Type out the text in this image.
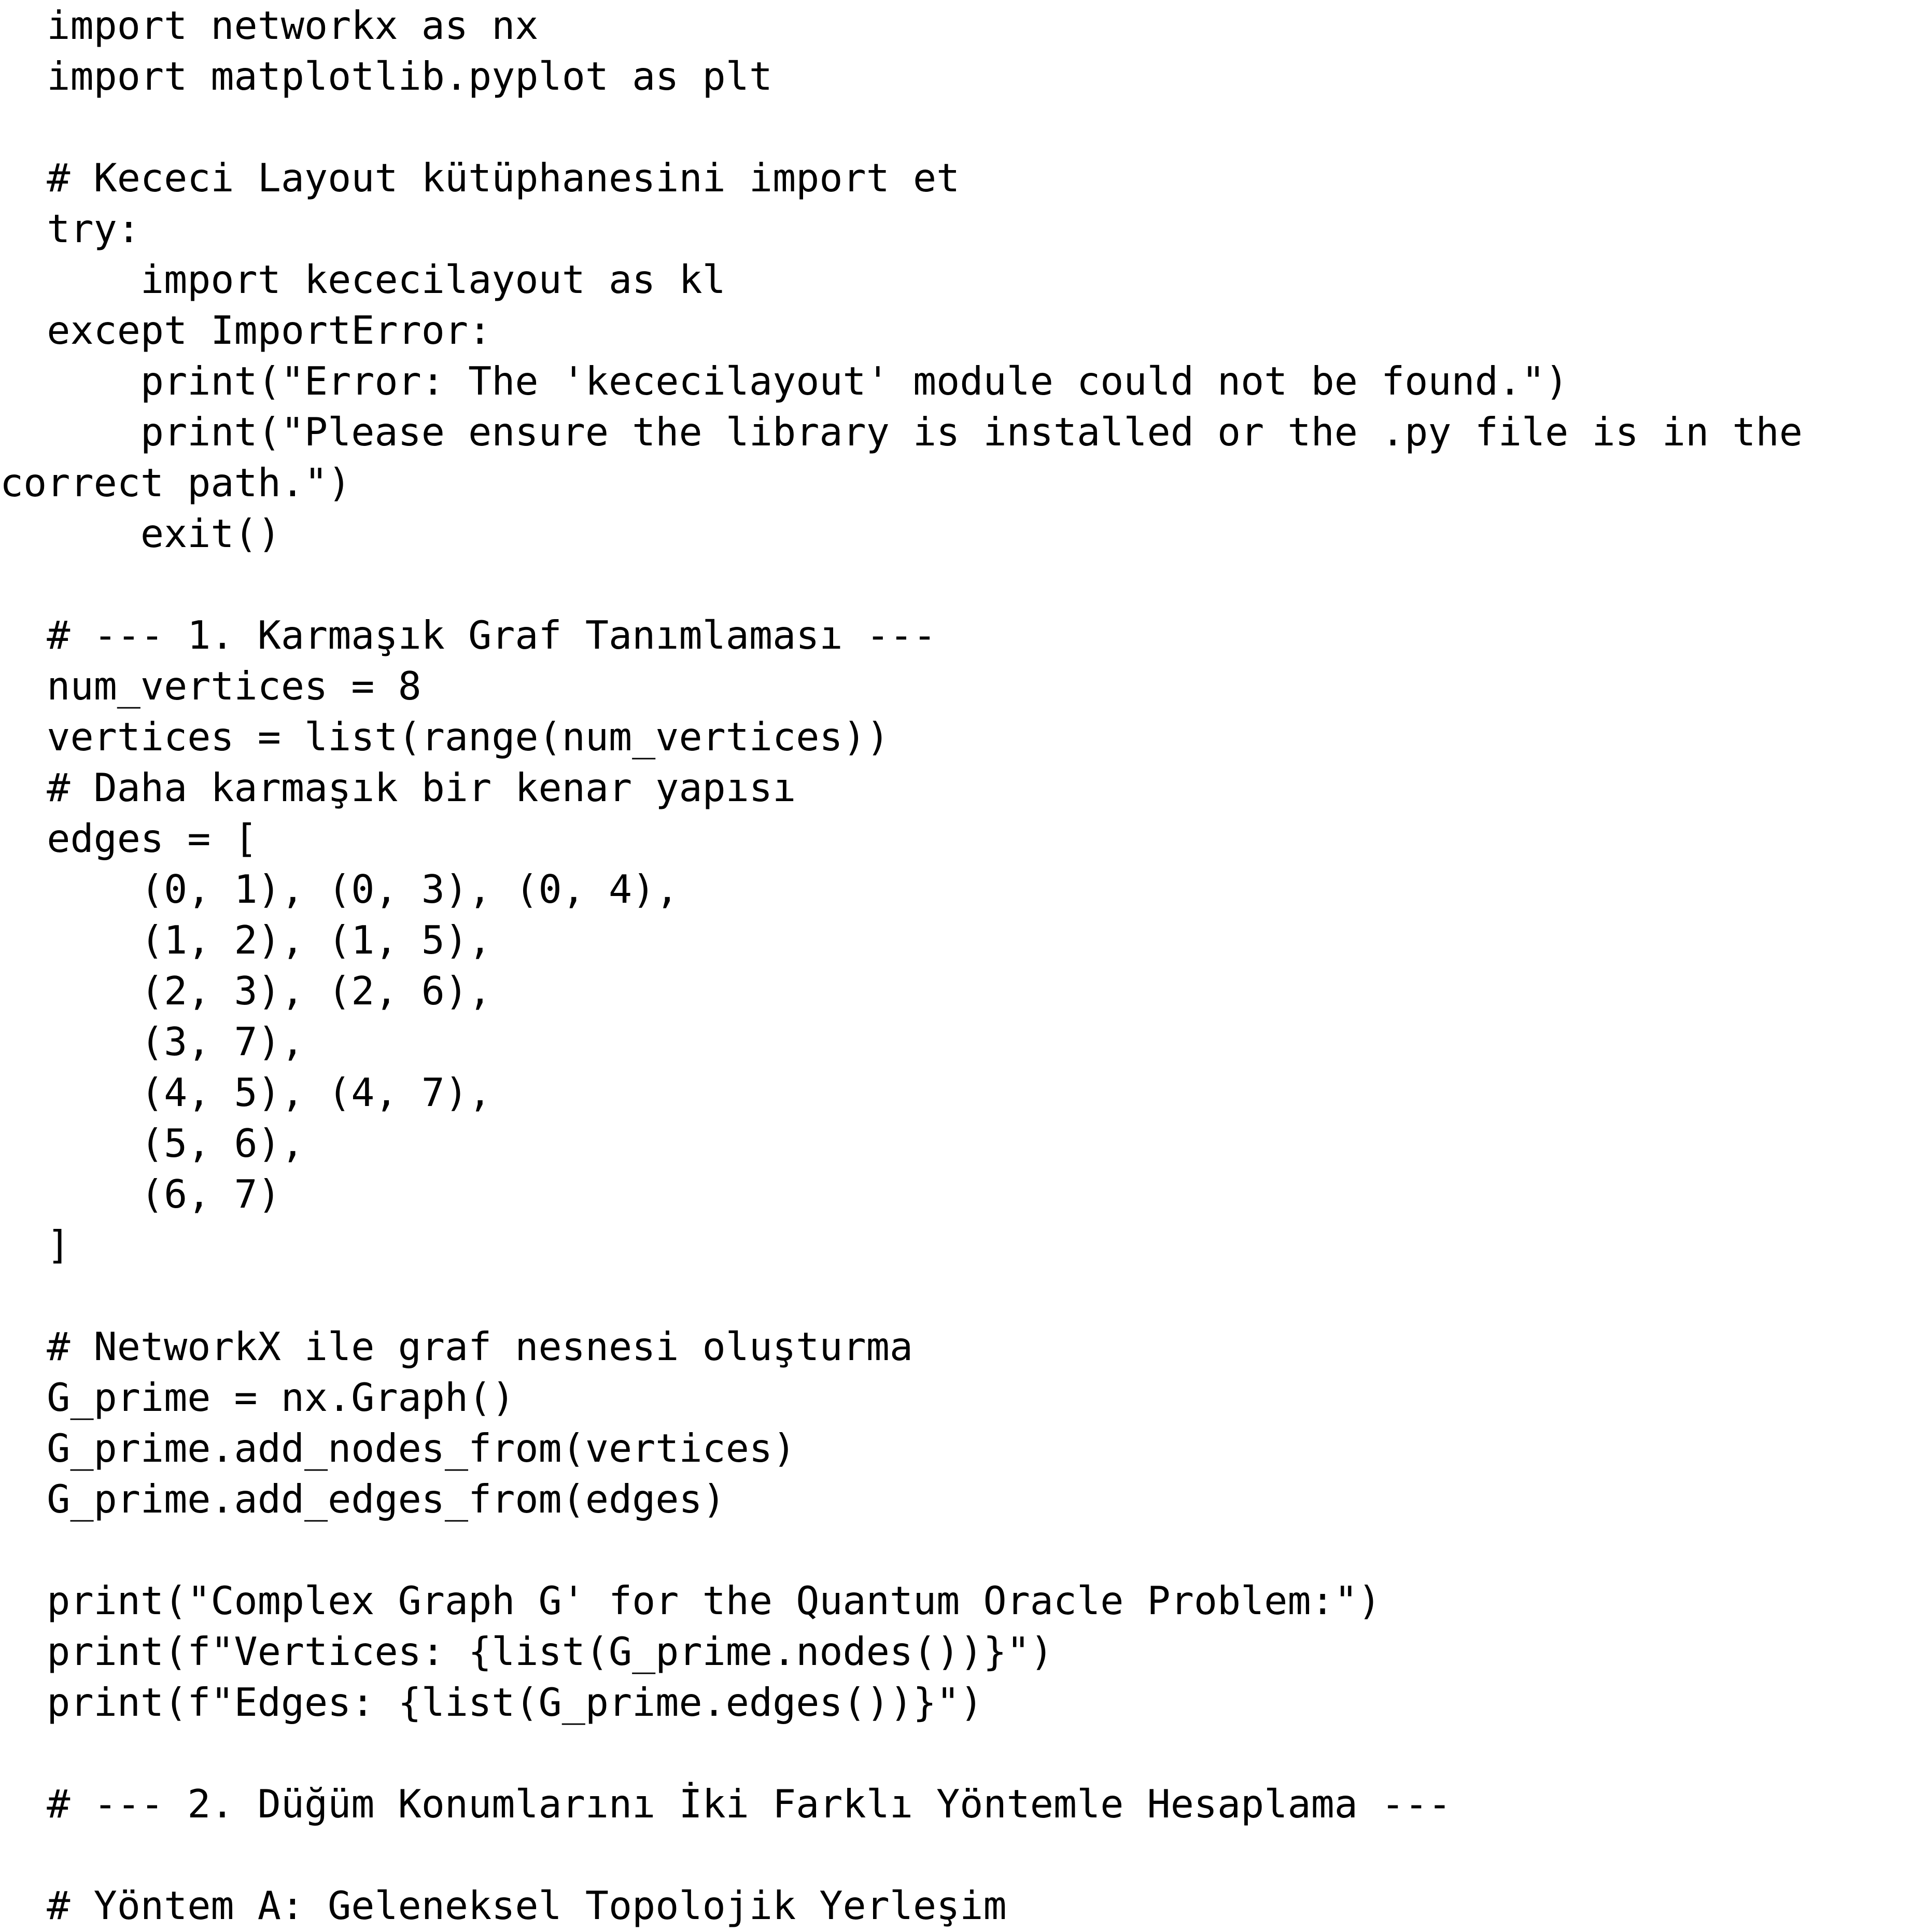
import networkx as nx
import matplotlib.pyplot as plt
# Kececi Layout kütüphanesini import et
try:
import kececilayout as kl
except ImportError:
print("Error: The 'kececilayout' module could not be found.")
print("Please ensure the library is installed or the .py file is in the
correct path.")
exit()
# --- 1. Karmaşık Graf Tanımlaması ---
num_vertices = 8
vertices = list(range(num_vertices))
# Daha karmaşık bir kenar yapısı
edges = [
(0, 1), (0, 3), (0, 4),
(1, 2), (1, 5),
(2, 3), (2, 6),
(3, 7),
(4, 5), (4, 7),
(5, 6),
(6, 7)
]
# NetworkX ile graf nesnesi oluşturma
G_prime = nx.Graph()
G_prime.add_nodes_from(vertices)
G_prime.add_edges_from(edges)
print("Complex Graph G' for the Quantum Oracle Problem:")
print(f"Vertices: {list(G_prime.nodes())}")
print(f"Edges: {list(G_prime.edges())}")
# --- 2. Düğüm Konumlarını İki Farklı Yöntemle Hesaplama ---
# Yöntem A: Geleneksel Topolojik Yerleşim
